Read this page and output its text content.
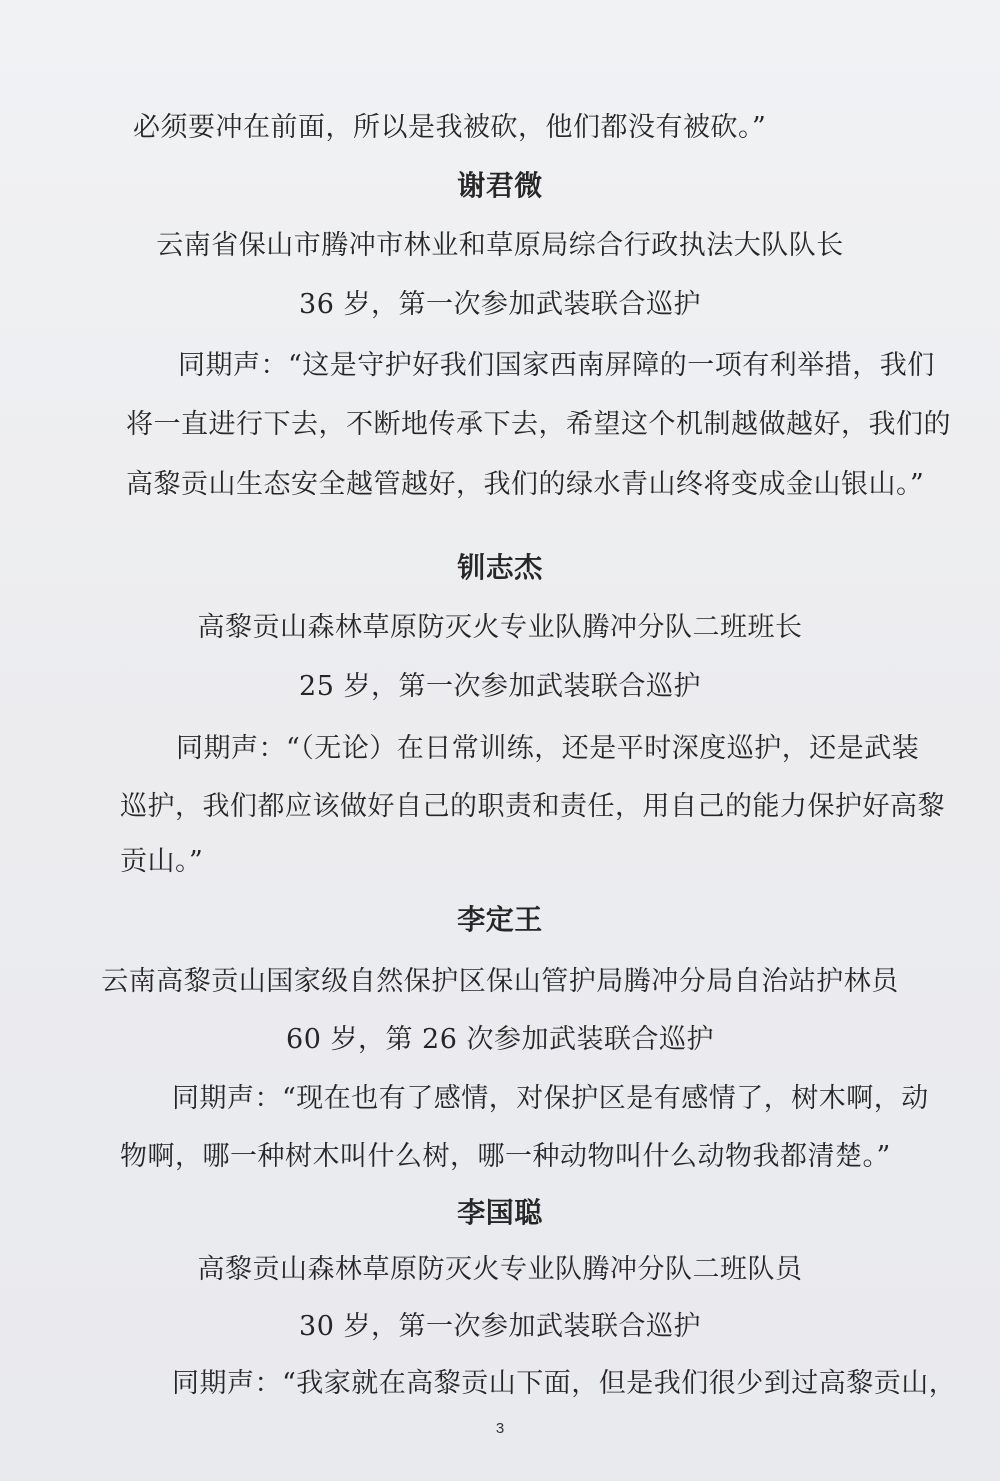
必须要冲在前面，所以是我被砍，他们都没有被砍。”
谢君微
云南省保山市腾冲市林业和草原局综合行政执法大队队长
36 岁，第一次参加武装联合巡护
同期声：“这是守护好我们国家西南屏障的一项有利举措，我们
将一直进行下去，不断地传承下去，希望这个机制越做越好，我们的
高黎贡山生态安全越管越好，我们的绿水青山终将变成金山银山。”
钏志杰
高黎贡山森林草原防灭火专业队腾冲分队二班班长
25 岁，第一次参加武装联合巡护
同期声：“（无论）在日常训练，还是平时深度巡护，还是武装
巡护，我们都应该做好自己的职责和责任，用自己的能力保护好高黎
贡山。”
李定王
云南高黎贡山国家级自然保护区保山管护局腾冲分局自治站护林员
60 岁，第 26 次参加武装联合巡护
同期声：“现在也有了感情，对保护区是有感情了，树木啊，动
物啊，哪一种树木叫什么树，哪一种动物叫什么动物我都清楚。”
李国聪
高黎贡山森林草原防灭火专业队腾冲分队二班队员
30 岁，第一次参加武装联合巡护
同期声：“我家就在高黎贡山下面，但是我们很少到过高黎贡山，
3
